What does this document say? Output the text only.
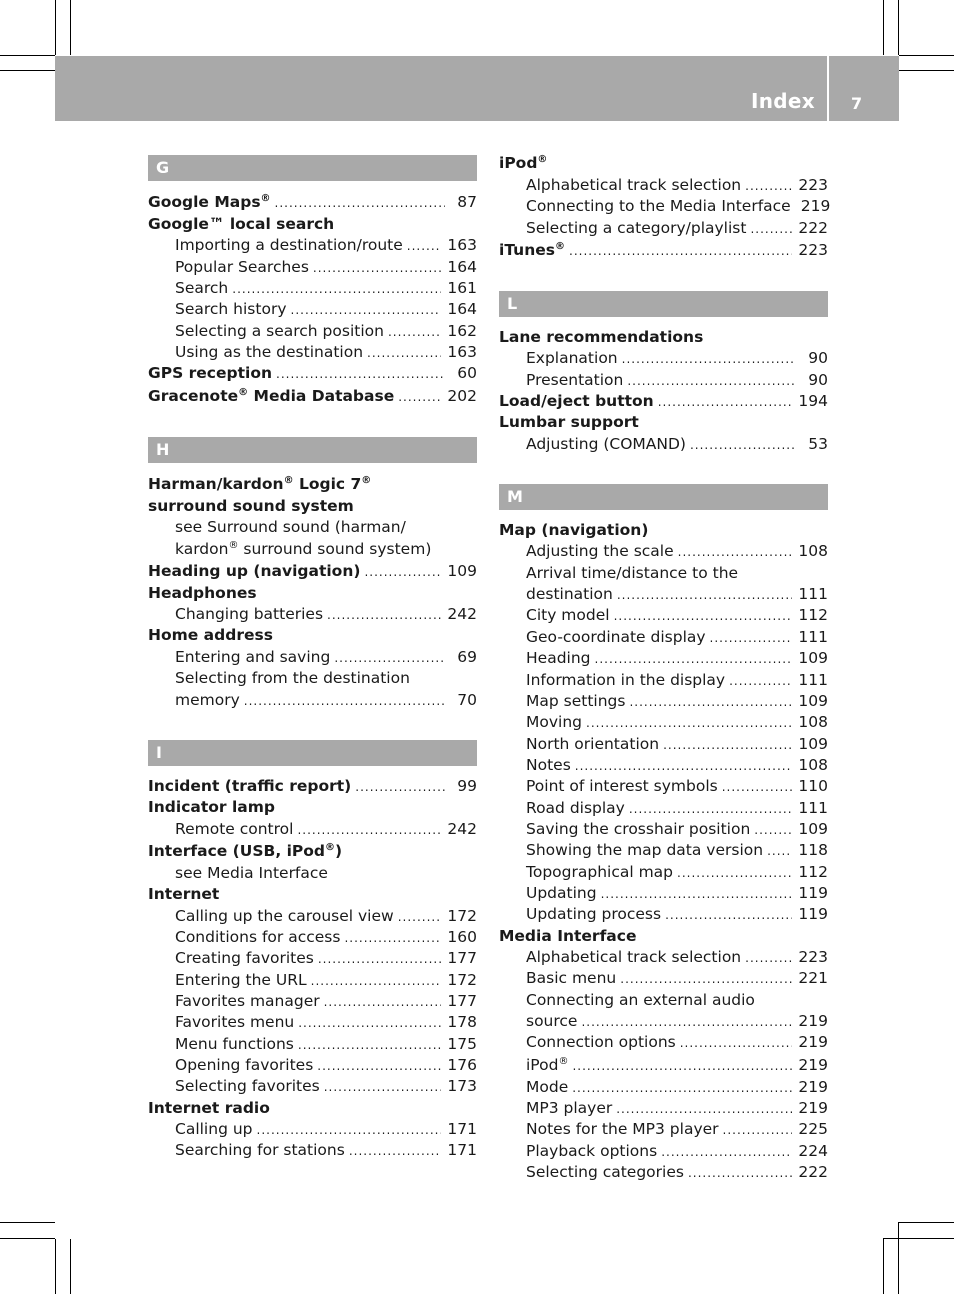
Index 7
G
Google Maps® .....	87
Google™ local search
Importing a destination/route .....	163
Popular Searches .....	164
Search .....	161
Search history .....	164
Selecting a search position .....	162
Using as the destination .....	163
GPS reception .....	60
Gracenote® Media Database .....	202
H
Harman/kardon® Logic 7®
surround sound system
see Surround sound (harman/
kardon® surround sound system)
Heading up (navigation) .....	109
Headphones
Changing batteries .....	242
Home address
Entering and saving .....	69
Selecting from the destination
memory .....	70
I
Incident (traffic report) .....	99
Indicator lamp
Remote control .....	242
Interface (USB, iPod®)
see Media Interface
Internet
Calling up the carousel view .....	172
Conditions for access .....	160
Creating favorites .....	177
Entering the URL .....	172
Favorites manager .....	177
Favorites menu .....	178
Menu functions .....	175
Opening favorites .....	176
Selecting favorites .....	173
Internet radio
Calling up .....	171
Searching for stations .....	171
iPod®
Alphabetical track selection .....	223
Connecting to the Media Interface 219
Selecting a category/playlist .....	222
iTunes® .....	223
L
Lane recommendations
Explanation .....	90
Presentation .....	90
Load/eject button .....	194
Lumbar support
Adjusting (COMAND) .....	53
M
Map (navigation)
Adjusting the scale .....	108
Arrival time/distance to the
destination .....	111
City model .....	112
Geo-coordinate display .....	111
Heading .....	109
Information in the display .....	111
Map settings .....	109
Moving .....	108
North orientation .....	109
Notes .....	108
Point of interest symbols .....	110
Road display .....	111
Saving the crosshair position .....	109
Showing the map data version ..... 118
Topographical map .....	112
Updating .....	119
Updating process .....	119
Media Interface
Alphabetical track selection .....	223
Basic menu .....	221
Connecting an external audio
source .....	219
Connection options .....	219
iPod® .....	219
Mode .....	219
MP3 player .....	219
Notes for the MP3 player .....	225
Playback options .....	224
Selecting categories .....	222
